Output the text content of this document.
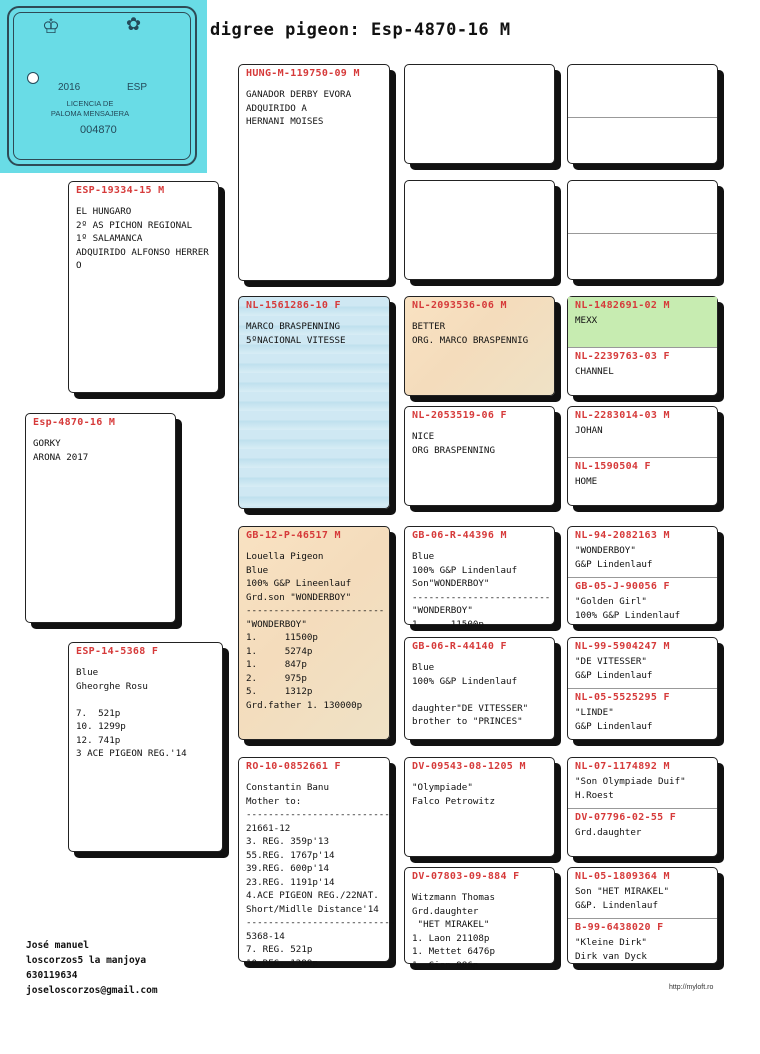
digree pigeon: Esp-4870-16 M
♔	✿
2016	ESP
LICENCIA DE
PALOMA MENSAJERA
004870
Esp-4870-16 M
GORKY
ARONA 2017
ESP-19334-15 M
EL HUNGARO
2º AS PICHON REGIONAL
1º SALAMANCA
ADQUIRIDO ALFONSO HERRER
O
ESP-14-5368 F
Blue
Gheorghe Rosu

7.  521p
10. 1299p
12. 741p
3 ACE PIGEON REG.'14
HUNG-M-119750-09 M
GANADOR DERBY EVORA
ADQUIRIDO A
HERNANI MOISES
NL-1561286-10 F
MARCO BRASPENNING
5ºNACIONAL VITESSE
GB-12-P-46517 M
Louella Pigeon
Blue
100% G&P Lineenlauf
Grd.son "WONDERBOY"
-------------------------
"WONDERBOY"
1.     11500p
1.     5274p
1.     847p
2.     975p
5.     1312p
Grd.father 1. 130000p
RO-10-0852661 F
Constantin Banu
Mother to:
---------------------------
21661-12
3. REG. 359p'13
55.REG. 1767p'14
39.REG. 600p'14
23.REG. 1191p'14
4.ACE PIGEON REG./22NAT.
Short/Midlle Distance'14
---------------------------
5368-14
7. REG. 521p
10 REG. 1299p
NL-2093536-06 M
BETTER
ORG. MARCO BRASPENNIG
NL-2053519-06 F
NICE
ORG BRASPENNING
GB-06-R-44396 M
Blue
100% G&P Lindenlauf
Son"WONDERBOY"
-------------------------
"WONDERBOY"
1.     11500p
GB-06-R-44140 F
Blue
100% G&P Lindenlauf

daughter"DE VITESSER"
brother to "PRINCES"
DV-09543-08-1205 M
"Olympiade"
Falco Petrowitz
DV-07803-09-884 F
Witzmann Thomas
Grd.daughter
"HET MIRAKEL"
1. Laon 21108p
1. Mettet 6476p
1. Gien 986p
NL-1482691-02 M
MEXX
NL-2239763-03 F
CHANNEL
NL-2283014-03 M
JOHAN
NL-1590504 F
HOME
NL-94-2082163 M
"WONDERBOY"
G&P Lindenlauf
GB-05-J-90056 F
"Golden Girl"
100% G&P Lindenlauf
NL-99-5904247 M
"DE VITESSER"
G&P Lindenlauf
NL-05-5525295 F
"LINDE"
G&P Lindenlauf
NL-07-1174892 M
"Son Olympiade Duif"
H.Roest
DV-07796-02-55 F
Grd.daughter
NL-05-1809364 M
Son "HET MIRAKEL"
G&P. Lindenlauf
B-99-6438020 F
"Kleine Dirk"
Dirk van Dyck
José manuel
loscorzos5 la manjoya
630119634
joseloscorzos@gmail.com	http://myloft.ro
